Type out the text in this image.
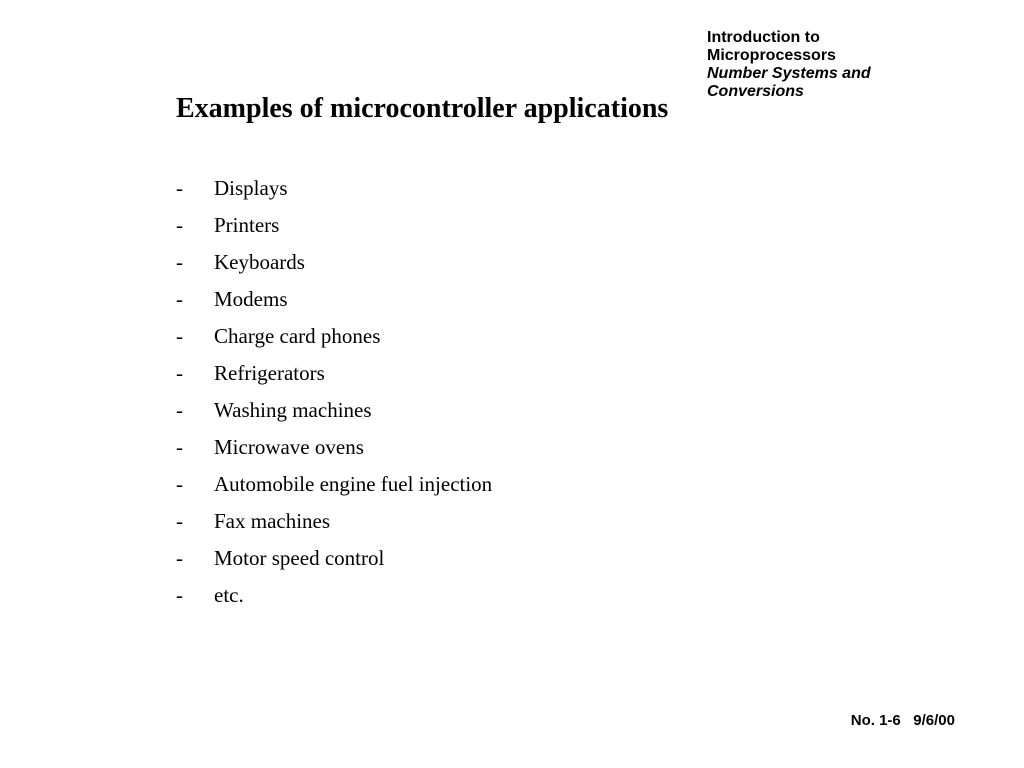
Introduction to
Microprocessors
Number Systems and
Conversions
Examples of microcontroller applications
-	Displays
-	Printers
-	Keyboards
-	Modems
-	Charge card phones
-	Refrigerators
-	Washing machines
-	Microwave ovens
-	Automobile engine fuel injection
-	Fax machines
-	Motor speed control
-	etc.
No. 1-6 9/6/00
